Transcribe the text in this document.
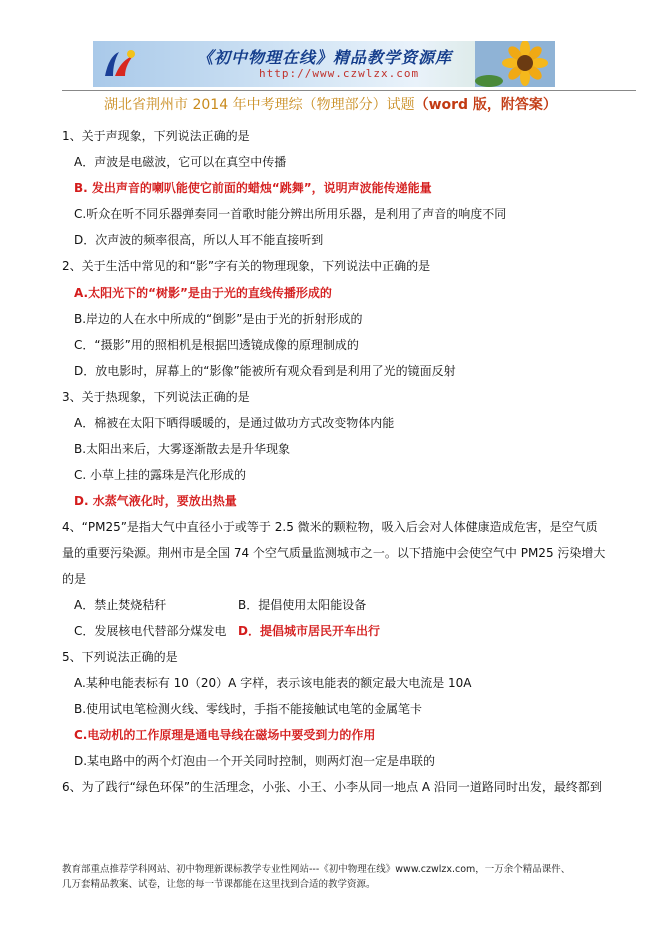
《初中物理在线》精品教学资源库
http://www.czwlzx.com
湖北省荆州市 2014 年中考理综（物理部分）试题（word 版，附答案）
1、关于声现象，下列说法正确的是
A．声波是电磁波，它可以在真空中传播
B. 发出声音的喇叭能使它前面的蜡烛“跳舞”，说明声波能传递能量
C.听众在听不同乐器弹奏同一首歌时能分辨出所用乐器，是利用了声音的响度不同
D．次声波的频率很高，所以人耳不能直接听到
2、关于生活中常见的和“影”字有关的物理现象，下列说法中正确的是
A.太阳光下的“树影”是由于光的直线传播形成的
B.岸边的人在水中所成的“倒影”是由于光的折射形成的
C．“摄影”用的照相机是根据凹透镜成像的原理制成的
D．放电影时，屏幕上的“影像”能被所有观众看到是利用了光的镜面反射
3、关于热现象，下列说法正确的是
A．棉被在太阳下晒得暖暖的，是通过做功方式改变物体内能
B.太阳出来后，大雾逐渐散去是升华现象
C. 小草上挂的露珠是汽化形成的
D. 水蒸气液化时，要放出热量
4、“PM25”是指大气中直径小于或等于 2.5 微米的颗粒物，吸入后会对人体健康造成危害，是空气质
量的重要污染源。荆州市是全国 74 个空气质量监测城市之一。以下措施中会使空气中 PM25 污染增大
的是
A．禁止焚烧秸秆	B．提倡使用太阳能设备
C．发展核电代替部分煤发电 D．提倡城市居民开车出行
5、下列说法正确的是
A.某种电能表标有 10（20）A 字样，表示该电能表的额定最大电流是 10A
B.使用试电笔检测火线、零线时，手指不能接触试电笔的金属笔卡
C.电动机的工作原理是通电导线在磁场中要受到力的作用
D.某电路中的两个灯泡由一个开关同时控制，则两灯泡一定是串联的
6、为了践行“绿色环保”的生活理念，小张、小王、小李从同一地点 A 沿同一道路同时出发，最终都到
教育部重点推荐学科网站、初中物理新课标教学专业性网站---《初中物理在线》www.czwlzx.com，一万余个精品课件、
几万套精品教案、试卷，让您的每一节课都能在这里找到合适的教学资源。
